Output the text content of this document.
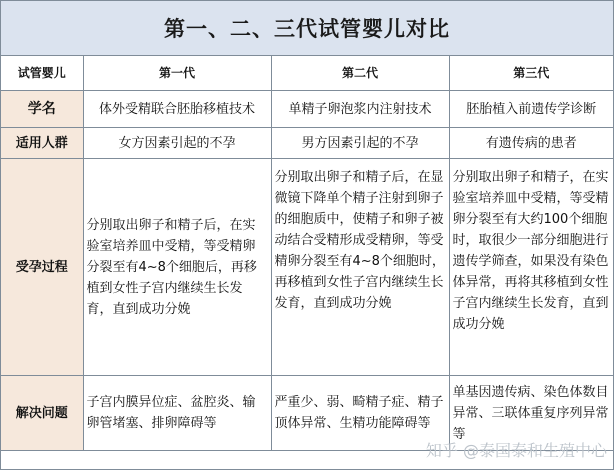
第一、二、三代试管婴儿对比
试管婴儿	第一代	第二代	第三代
学名	体外受精联合胚胎移植技术	单精子卵泡浆内注射技术	胚胎植入前遗传学诊断
适用人群	女方因素引起的不孕	男方因素引起的不孕	有遗传病的患者
受孕过程	分别取出卵子和精子后，在实验室培养皿中受精，等受精卵分裂至有4~8个细胞后，再移植到女性子宫内继续生长发育，直到成功分娩	分别取出卵子和精子后，在显微镜下降单个精子注射到卵子的细胞质中，使精子和卵子被动结合受精形成受精卵，等受精卵分裂至有4~8个细胞时，再移植到女性子宫内继续生长发育，直到成功分娩	分别取出卵子和精子，在实验室培养皿中受精，等受精卵分裂至有大约100个细胞时，取很少一部分细胞进行遗传学筛查，如果没有染色体异常，再将其移植到女性子宫内继续生长发育，直到成功分娩
解决问题	子宫内膜异位症、盆腔炎、输卵管堵塞、排卵障碍等	严重少、弱、畸精子症、精子顶体异常、生精功能障碍等	单基因遗传病、染色体数目异常、三联体重复序列异常等
知乎 @泰国泰和生殖中心
